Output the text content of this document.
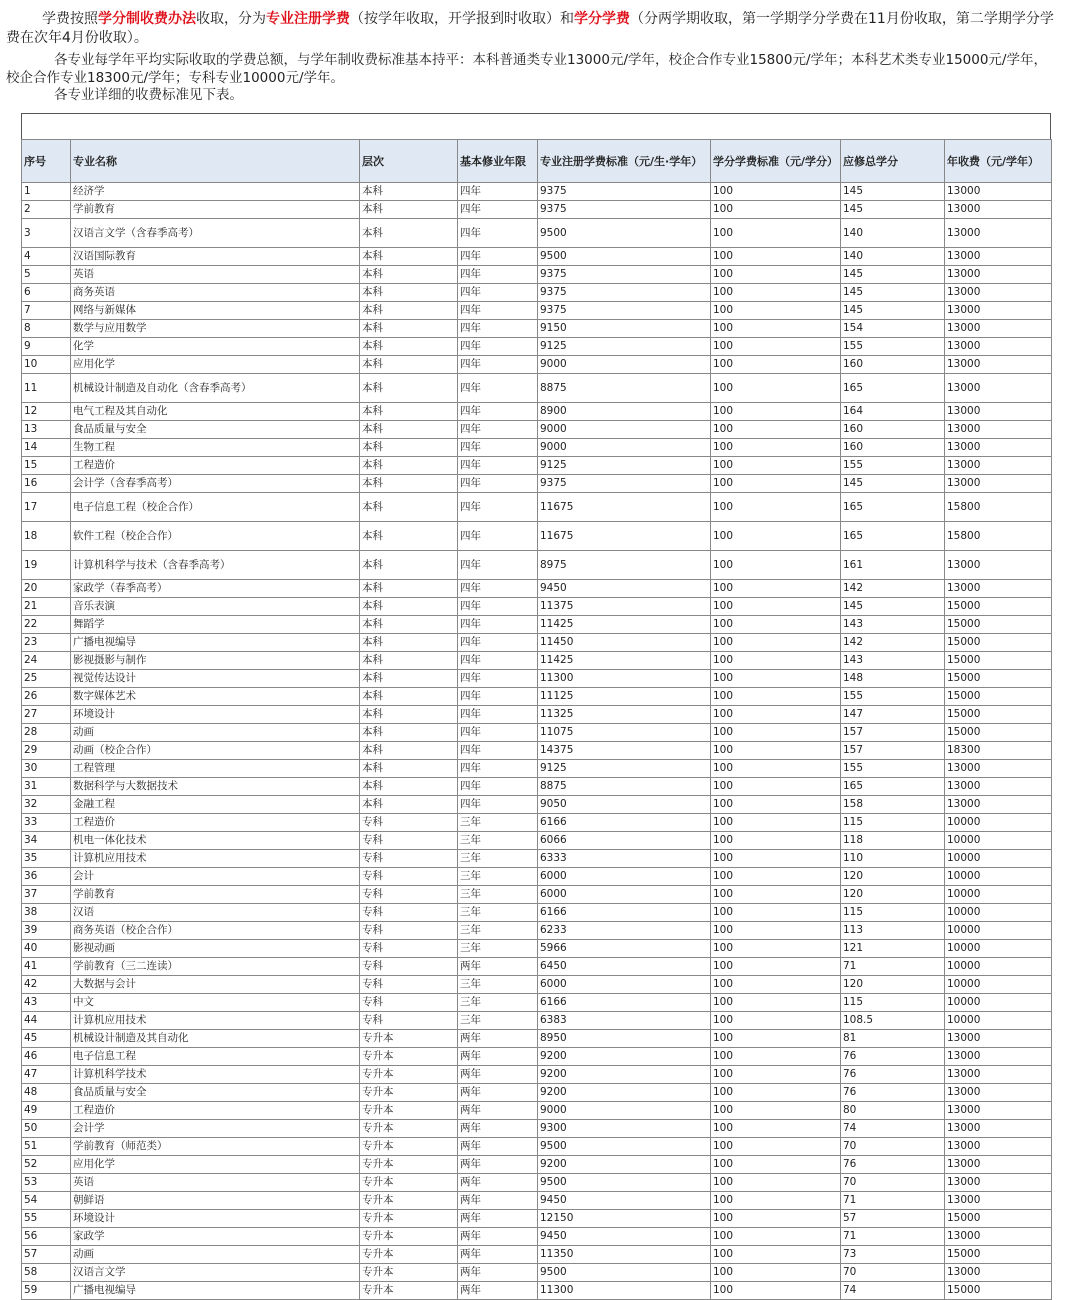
学费按照学分制收费办法收取，分为专业注册学费（按学年收取，开学报到时收取）和学分学费（分两学期收取，第一学期学分学费在11月份收取，第二学期学分学费在次年4月份收取）。

各专业每学年平均实际收取的学费总额，与学年制收费标准基本持平：本科普通类专业13000元/学年，校企合作专业15800元/学年；本科艺术类专业15000元/学年，校企合作专业18300元/学年；专科专业10000元/学年。

各专业详细的收费标准见下表。

序号	专业名称	层次	基本修业年限	专业注册学费标准（元/生·学年）	学分学费标准（元/学分）	应修总学分	年收费（元/学年）
1	经济学	本科	四年	9375	100	145	13000
2	学前教育	本科	四年	9375	100	145	13000
3	汉语言文学（含春季高考）	本科	四年	9500	100	140	13000
4	汉语国际教育	本科	四年	9500	100	140	13000
5	英语	本科	四年	9375	100	145	13000
6	商务英语	本科	四年	9375	100	145	13000
7	网络与新媒体	本科	四年	9375	100	145	13000
8	数学与应用数学	本科	四年	9150	100	154	13000
9	化学	本科	四年	9125	100	155	13000
10	应用化学	本科	四年	9000	100	160	13000
11	机械设计制造及自动化（含春季高考）	本科	四年	8875	100	165	13000
12	电气工程及其自动化	本科	四年	8900	100	164	13000
13	食品质量与安全	本科	四年	9000	100	160	13000
14	生物工程	本科	四年	9000	100	160	13000
15	工程造价	本科	四年	9125	100	155	13000
16	会计学（含春季高考）	本科	四年	9375	100	145	13000
17	电子信息工程（校企合作）	本科	四年	11675	100	165	15800
18	软件工程（校企合作）	本科	四年	11675	100	165	15800
19	计算机科学与技术（含春季高考）	本科	四年	8975	100	161	13000
20	家政学（春季高考）	本科	四年	9450	100	142	13000
21	音乐表演	本科	四年	11375	100	145	15000
22	舞蹈学	本科	四年	11425	100	143	15000
23	广播电视编导	本科	四年	11450	100	142	15000
24	影视摄影与制作	本科	四年	11425	100	143	15000
25	视觉传达设计	本科	四年	11300	100	148	15000
26	数字媒体艺术	本科	四年	11125	100	155	15000
27	环境设计	本科	四年	11325	100	147	15000
28	动画	本科	四年	11075	100	157	15000
29	动画（校企合作）	本科	四年	14375	100	157	18300
30	工程管理	本科	四年	9125	100	155	13000
31	数据科学与大数据技术	本科	四年	8875	100	165	13000
32	金融工程	本科	四年	9050	100	158	13000
33	工程造价	专科	三年	6166	100	115	10000
34	机电一体化技术	专科	三年	6066	100	118	10000
35	计算机应用技术	专科	三年	6333	100	110	10000
36	会计	专科	三年	6000	100	120	10000
37	学前教育	专科	三年	6000	100	120	10000
38	汉语	专科	三年	6166	100	115	10000
39	商务英语（校企合作）	专科	三年	6233	100	113	10000
40	影视动画	专科	三年	5966	100	121	10000
41	学前教育（三二连读）	专科	两年	6450	100	71	10000
42	大数据与会计	专科	三年	6000	100	120	10000
43	中文	专科	三年	6166	100	115	10000
44	计算机应用技术	专科	三年	6383	100	108.5	10000
45	机械设计制造及其自动化	专升本	两年	8950	100	81	13000
46	电子信息工程	专升本	两年	9200	100	76	13000
47	计算机科学技术	专升本	两年	9200	100	76	13000
48	食品质量与安全	专升本	两年	9200	100	76	13000
49	工程造价	专升本	两年	9000	100	80	13000
50	会计学	专升本	两年	9300	100	74	13000
51	学前教育（师范类）	专升本	两年	9500	100	70	13000
52	应用化学	专升本	两年	9200	100	76	13000
53	英语	专升本	两年	9500	100	70	13000
54	朝鲜语	专升本	两年	9450	100	71	13000
55	环境设计	专升本	两年	12150	100	57	15000
56	家政学	专升本	两年	9450	100	71	13000
57	动画	专升本	两年	11350	100	73	15000
58	汉语言文学	专升本	两年	9500	100	70	13000
59	广播电视编导	专升本	两年	11300	100	74	15000
